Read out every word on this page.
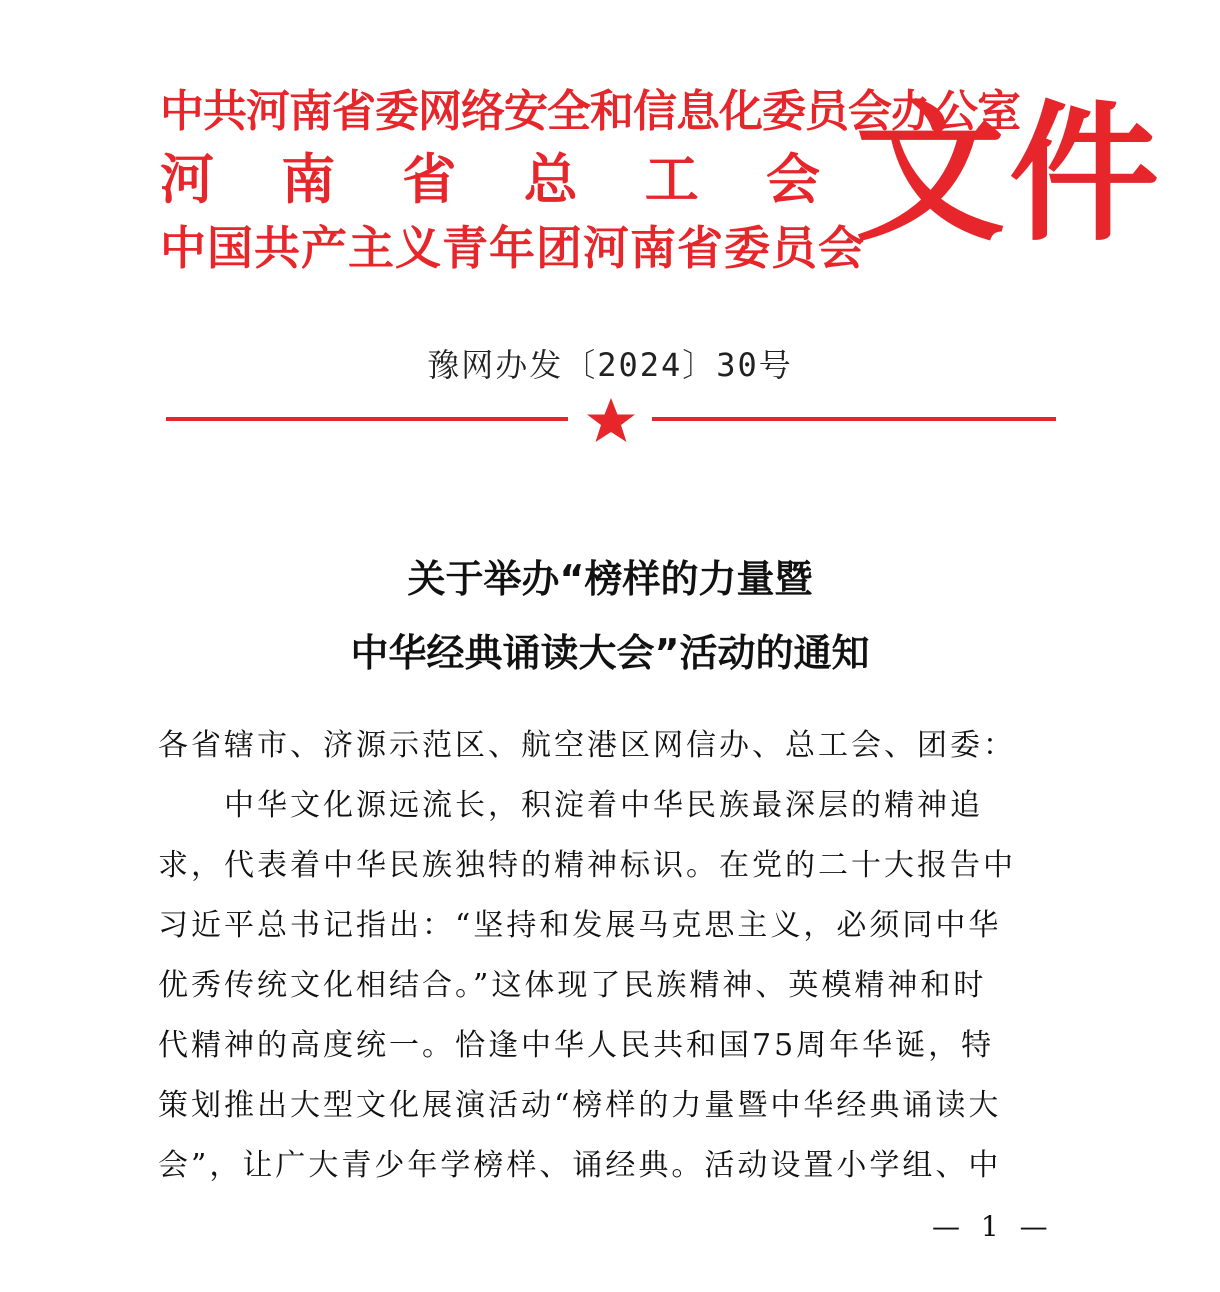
中共河南省委网络安全和信息化委员会办公室
河 南 省 总 工 会
中国共产主义青年团河南省委员会
文件
豫网办发〔2024〕30号
关于举办“榜样的力量暨
中华经典诵读大会”活动的通知
各省辖市、济源示范区、航空港区网信办、总工会、团委：
　　中华文化源远流长，积淀着中华民族最深层的精神追
求，代表着中华民族独特的精神标识。在党的二十大报告中
习近平总书记指出：“坚持和发展马克思主义，必须同中华
优秀传统文化相结合。”这体现了民族精神、英模精神和时
代精神的高度统一。恰逢中华人民共和国75周年华诞，特
策划推出大型文化展演活动“榜样的力量暨中华经典诵读大
会”，让广大青少年学榜样、诵经典。活动设置小学组、中
— 1 —
